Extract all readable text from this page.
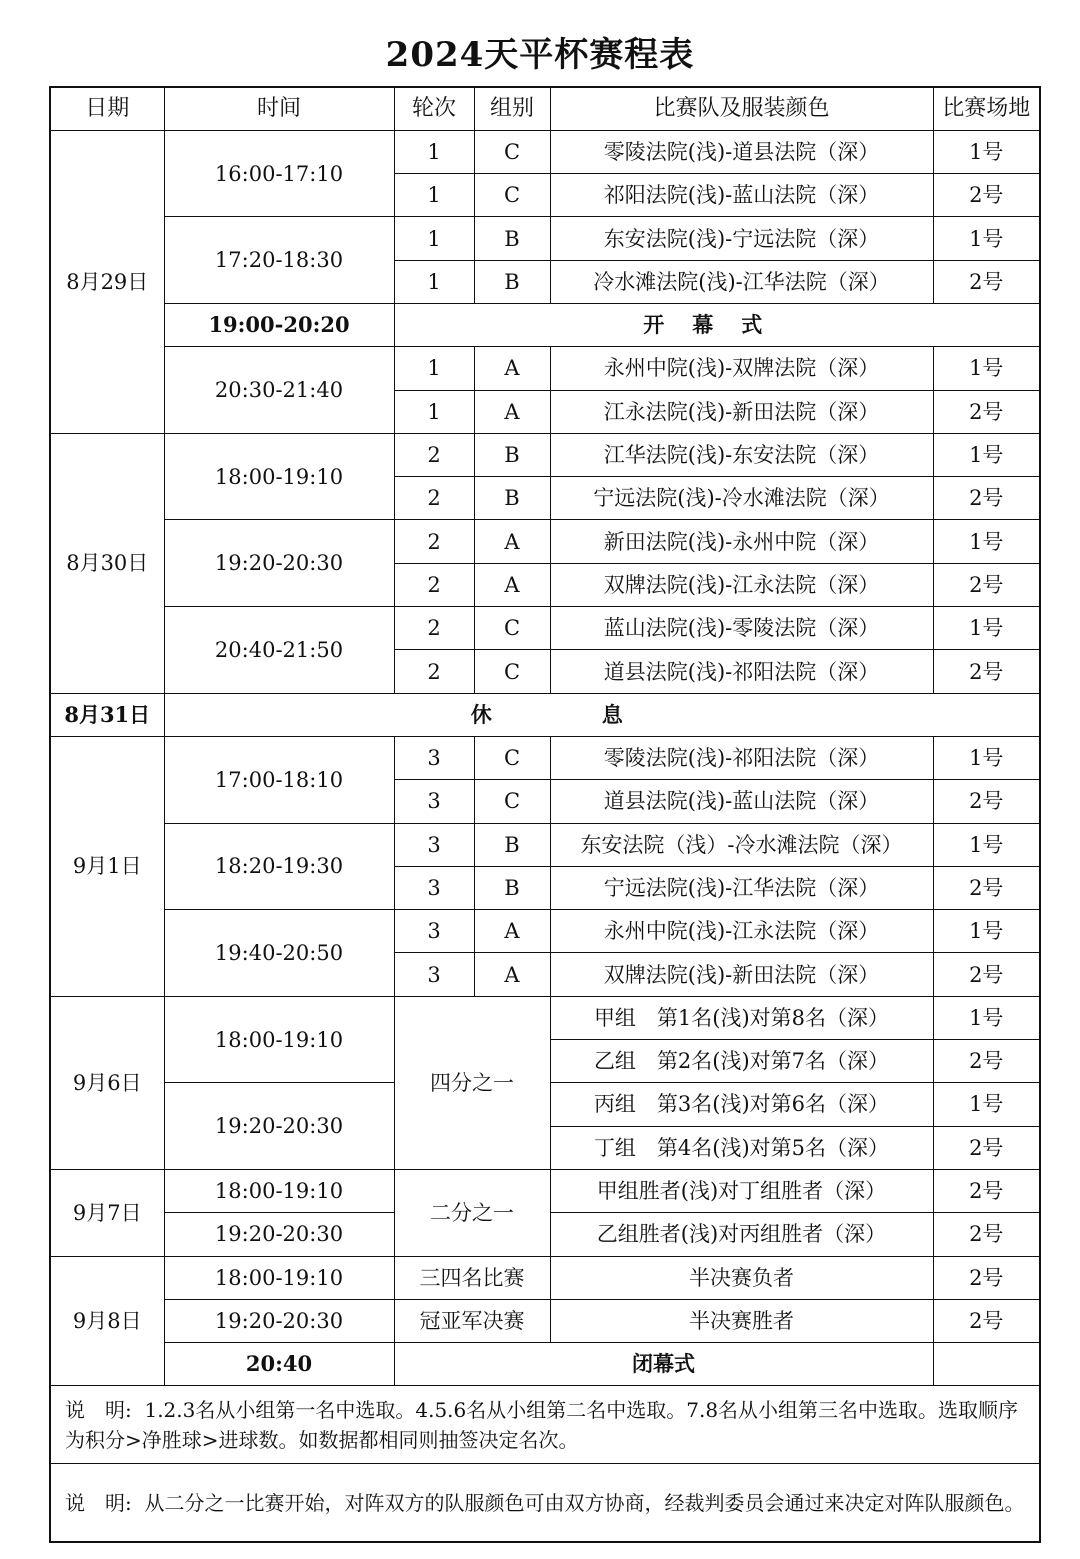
2024天平杯赛程表
日期	时间	轮次	组别	比赛队及服装颜色	比赛场地
8月29日	16:00-17:10	1	C	零陵法院(浅)-道县法院（深）	1号
		1	C	祁阳法院(浅)-蓝山法院（深）	2号
	17:20-18:30	1	B	东安法院(浅)-宁远法院（深）	1号
		1	B	冷水滩法院(浅)-江华法院（深）	2号
	19:00-20:20	开幕式			
	20:30-21:40	1	A	永州中院(浅)-双牌法院（深）	1号
		1	A	江永法院(浅)-新田法院（深）	2号
8月30日	18:00-19:10	2	B	江华法院(浅)-东安法院（深）	1号
		2	B	宁远法院(浅)-冷水滩法院（深）	2号
	19:20-20:30	2	A	新田法院(浅)-永州中院（深）	1号
		2	A	双牌法院(浅)-江永法院（深）	2号
	20:40-21:50	2	C	蓝山法院(浅)-零陵法院（深）	1号
		2	C	道县法院(浅)-祁阳法院（深）	2号
8月31日	休息				
9月1日	17:00-18:10	3	C	零陵法院(浅)-祁阳法院（深）	1号
		3	C	道县法院(浅)-蓝山法院（深）	2号
	18:20-19:30	3	B	东安法院（浅）-冷水滩法院（深）	1号
		3	B	宁远法院(浅)-江华法院（深）	2号
	19:40-20:50	3	A	永州中院(浅)-江永法院（深）	1号
		3	A	双牌法院(浅)-新田法院（深）	2号
9月6日	18:00-19:10	四分之一		甲组　第1名(浅)对第8名（深）	1号
				乙组　第2名(浅)对第7名（深）	2号
	19:20-20:30			丙组　第3名(浅)对第6名（深）	1号
				丁组　第4名(浅)对第5名（深）	2号
9月7日	18:00-19:10	二分之一		甲组胜者(浅)对丁组胜者（深）	2号
	19:20-20:30			乙组胜者(浅)对丙组胜者（深）	2号
9月8日	18:00-19:10	三四名比赛		半决赛负者	2号
	19:20-20:30	冠亚军决赛		半决赛胜者	2号
	20:40	闭幕式			
说　明: 1.2.3名从小组第一名中选取。4.5.6名从小组第二名中选取。7.8名从小组第三名中选取。选取顺序为积分>净胜球>进球数。如数据都相同则抽签决定名次。					
说　明: 从二分之一比赛开始，对阵双方的队服颜色可由双方协商，经裁判委员会通过来决定对阵队服颜色。					
